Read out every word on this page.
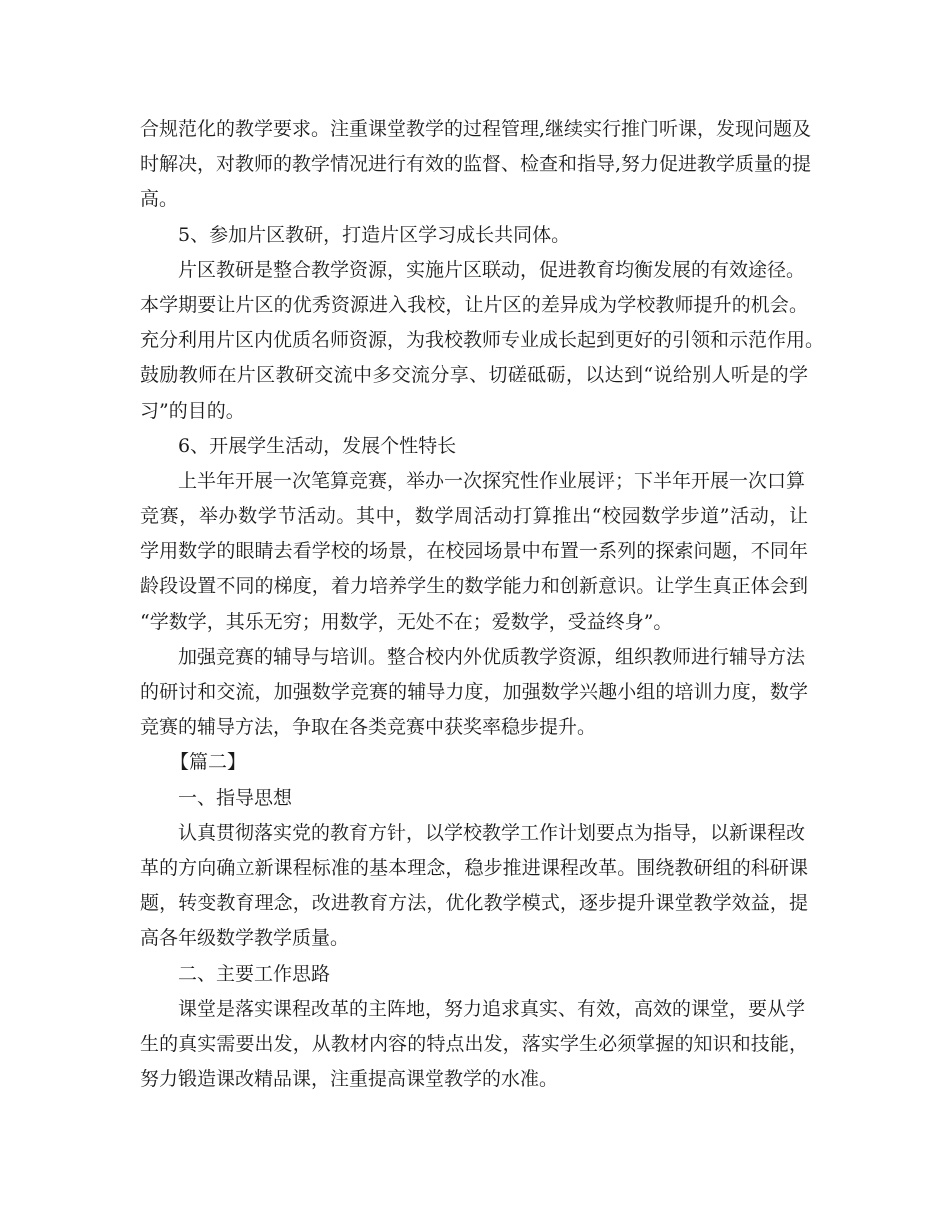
合规范化的教学要求。注重课堂教学的过程管理,继续实行推门听课，发现问题及
时解决，对教师的教学情况进行有效的监督、检查和指导,努力促进教学质量的提
高。
5、参加片区教研，打造片区学习成长共同体。
片区教研是整合教学资源，实施片区联动，促进教育均衡发展的有效途径。
本学期要让片区的优秀资源进入我校，让片区的差异成为学校教师提升的机会。
充分利用片区内优质名师资源，为我校教师专业成长起到更好的引领和示范作用。
鼓励教师在片区教研交流中多交流分享、切磋砥砺，以达到“说给别人听是的学
习”的目的。
6、开展学生活动，发展个性特长
上半年开展一次笔算竞赛，举办一次探究性作业展评；下半年开展一次口算
竞赛，举办数学节活动。其中，数学周活动打算推出“校园数学步道”活动，让
学用数学的眼睛去看学校的场景，在校园场景中布置一系列的探索问题，不同年
龄段设置不同的梯度，着力培养学生的数学能力和创新意识。让学生真正体会到
“学数学，其乐无穷；用数学，无处不在；爱数学，受益终身”。
加强竞赛的辅导与培训。整合校内外优质教学资源，组织教师进行辅导方法
的研讨和交流，加强数学竞赛的辅导力度，加强数学兴趣小组的培训力度，数学
竞赛的辅导方法，争取在各类竞赛中获奖率稳步提升。
【篇二】
一、指导思想
认真贯彻落实党的教育方针，以学校教学工作计划要点为指导，以新课程改
革的方向确立新课程标准的基本理念，稳步推进课程改革。围绕教研组的科研课
题，转变教育理念，改进教育方法，优化教学模式，逐步提升课堂教学效益，提
高各年级数学教学质量。
二、主要工作思路
课堂是落实课程改革的主阵地，努力追求真实、有效，高效的课堂，要从学
生的真实需要出发，从教材内容的特点出发，落实学生必须掌握的知识和技能，
努力锻造课改精品课，注重提高课堂教学的水准。
